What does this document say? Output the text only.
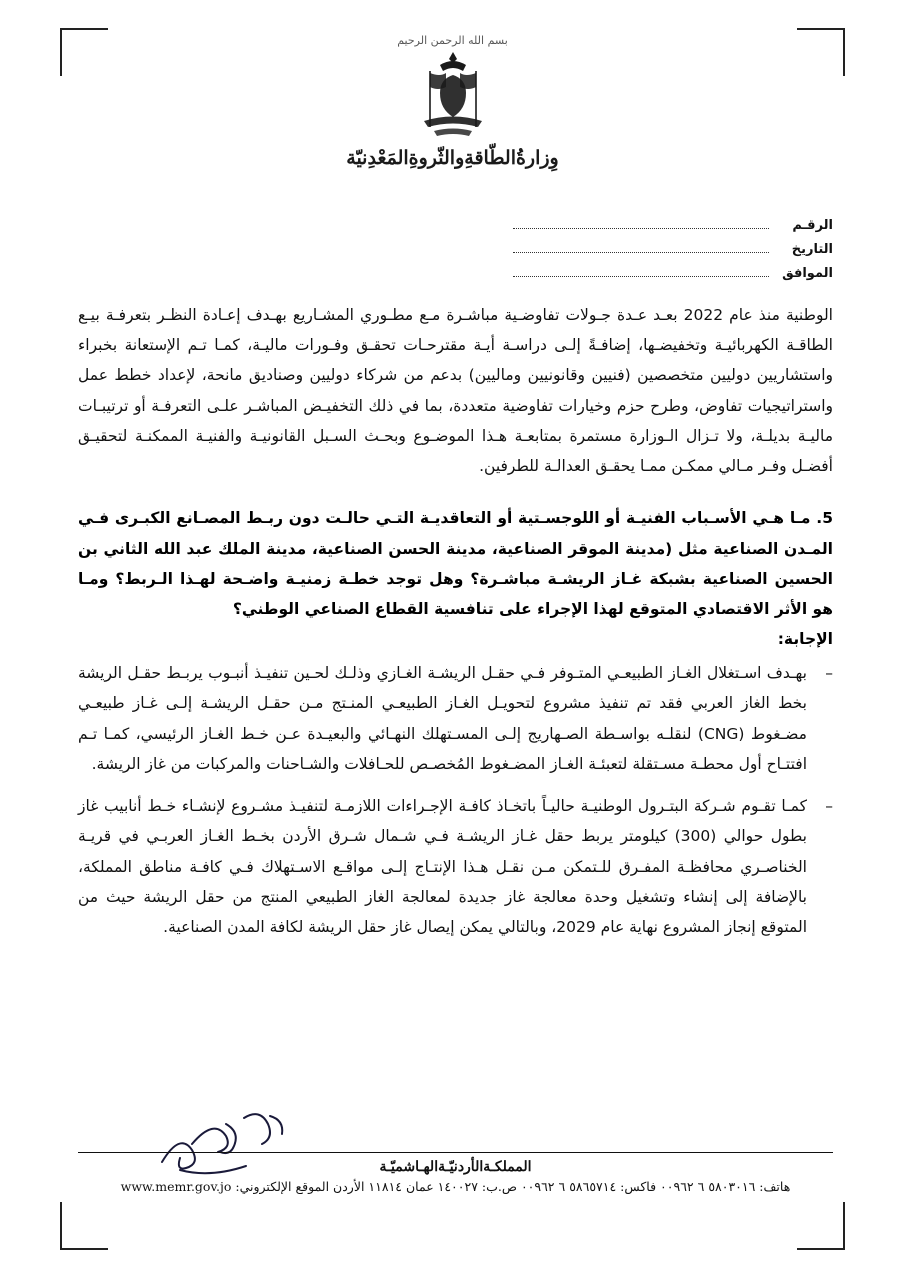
بسم الله الرحمن الرحيم
وِزارةُالطّاقةِوالثّروةِالمَعْدِنيّة
الرقـم
التاريخ
الموافق

الوطنية منذ عام 2022 بعـد عـدة جـولات تفاوضـية مباشـرة مـع مطـوري المشـاريع بهـدف إعـادة النظـر بتعرفـة بيـع الطاقـة الكهربائيـة وتخفيضـها، إضافـةً إلـى دراسـة أيـة مقترحـات تحقـق وفـورات ماليـة، كمـا تـم الإستعانة بخبراء واستشاريين دوليين متخصصين (فنيين وقانونيين وماليين) بدعم من شركاء دوليين وصناديق مانحة، لإعداد خطط عمل واستراتيجيات تفاوض، وطرح حزم وخيارات تفاوضية متعددة، بما في ذلك التخفيـض المباشـر علـى التعرفـة أو ترتيبـات ماليـة بديلـة، ولا تـزال الـوزارة مستمرة بمتابعـة هـذا الموضـوع وبحـث السـبل القانونيـة والفنيـة الممكنـة لتحقيـق أفضـل وفـر مـالي ممكـن ممـا يحقـق العدالـة للطرفين.

5. مـا هـي الأسـباب الفنيـة أو اللوجسـتية أو التعاقديـة التـي حالـت دون ربـط المصـانع الكبـرى فـي المـدن الصناعية مثل (مدينة الموقر الصناعية، مدينة الحسن الصناعية، مدينة الملك عبد الله الثاني بن الحسين الصناعية بشبكة غـاز الريشـة مباشـرة؟ وهل توجد خطـة زمنيـة واضـحة لهـذا الـربط؟ ومـا هو الأثر الاقتصادي المتوقع لهذا الإجراء على تنافسية القطاع الصناعي الوطني؟

الإجابة:

–
بهـدف اسـتغلال الغـاز الطبيعـي المتـوفر فـي حقـل الريشـة الغـازي وذلـك لحـين تنفيـذ أنبـوب يربـط حقـل الريشة بخط الغاز العربي فقد تم تنفيذ مشروع لتحويـل الغـاز الطبيعـي المنـتج مـن حقـل الريشـة إلـى غـاز طبيعـي مضـغوط (CNG) لنقلـه بواسـطة الصـهاريج إلـى المسـتهلك النهـائي والبعيـدة عـن خـط الغـاز الرئيسي، كمـا تـم افتتـاح أول محطـة مسـتقلة لتعبئـة الغـاز المضـغوط المُخصـص للحـافلات والشـاحنات والمركبات من غاز الريشة.
–
كمـا تقـوم شـركة البتـرول الوطنيـة حاليـاً باتخـاذ كافـة الإجـراءات اللازمـة لتنفيـذ مشـروع لإنشـاء خـط أنابيب غاز بطول حوالي (300) كيلومتر يربط حقل غـاز الريشـة فـي شـمال شـرق الأردن بخـط الغـاز العربـي في قريـة الخناصـري محافظـة المفـرق للـتمكن مـن نقـل هـذا الإنتـاج إلـى مواقـع الاسـتهلاك فـي كافـة مناطق المملكة، بالإضافة إلى إنشاء وتشغيل وحدة معالجة غاز جديدة لمعالجة الغاز الطبيعي المنتج من حقل الريشة حيث من المتوقع إنجاز المشروع نهاية عام 2029، وبالتالي يمكن إيصال غاز حقل الريشة لكافة المدن الصناعية.
المملكـةالأردنيّـةالهـاشميّـة
هاتف: ٥٨٠٣٠١٦ ٦ ٠٠٩٦٢ فاكس: ٥٨٦٥٧١٤ ٦ ٠٠٩٦٢ ص.ب: ١٤٠٠٢٧ عمان ١١٨١٤ الأردن الموقع الإلكتروني: www.memr.gov.jo
